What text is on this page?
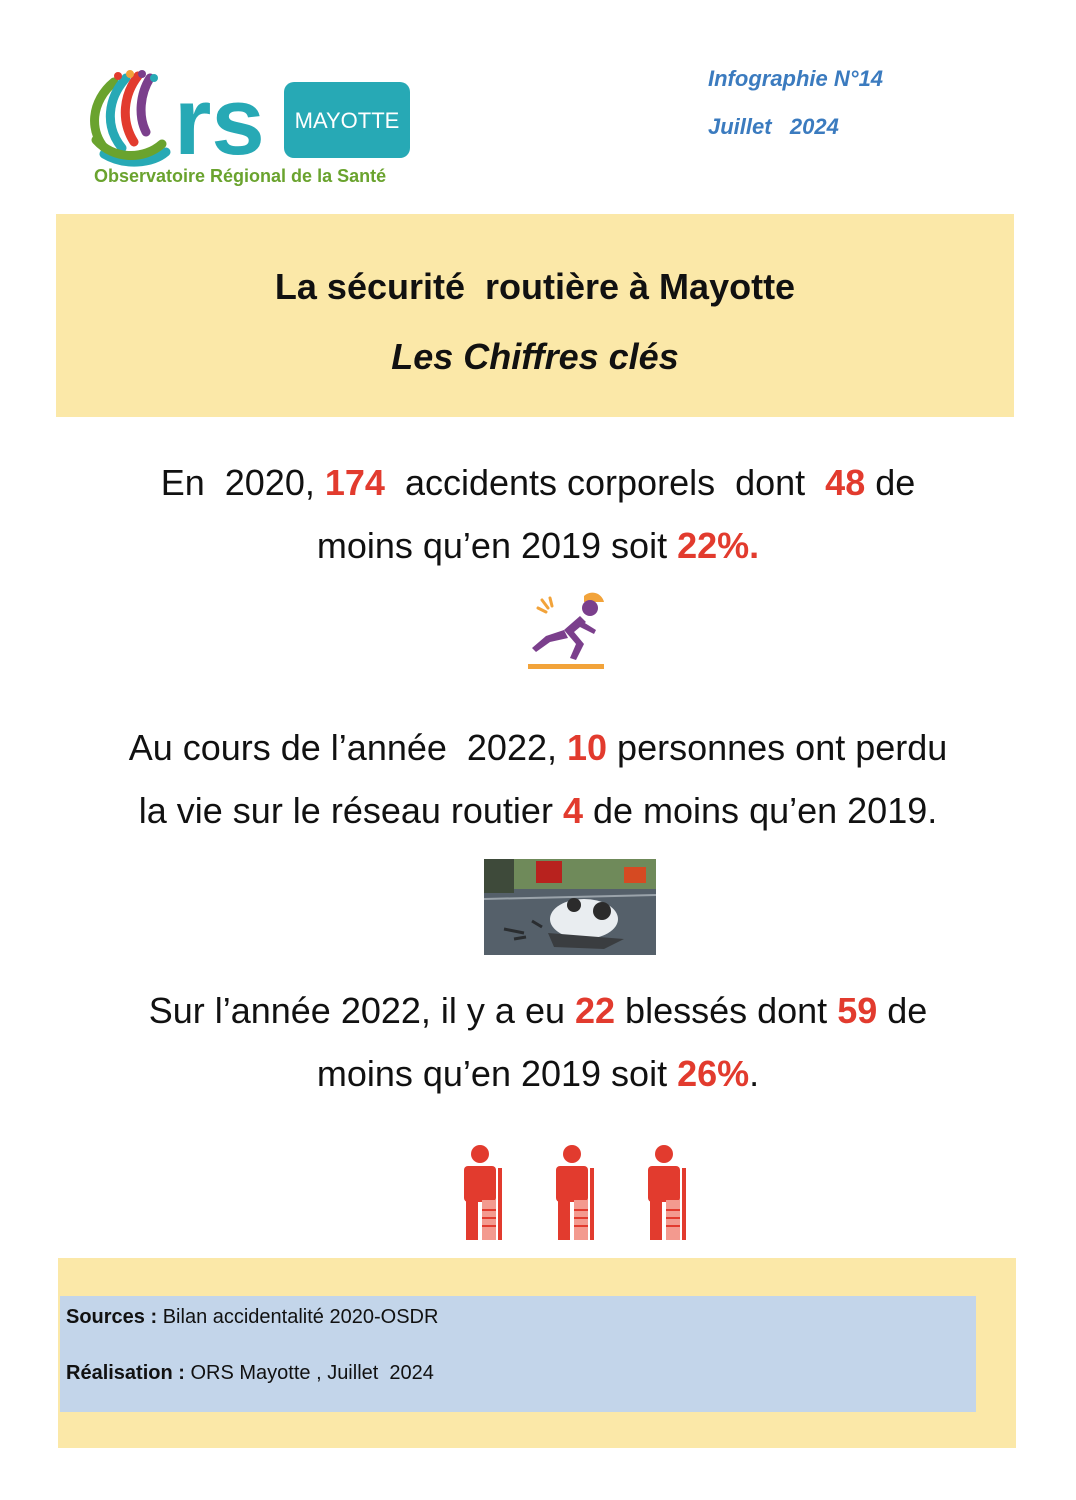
rs MAYOTTE
Observatoire Régional de la Santé
Infographie N°14
Juillet   2024
La sécurité  routière à Mayotte
Les Chiffres clés
En  2020, 174  accidents corporels  dont  48 de
moins qu’en 2019 soit 22%.
Au cours de l’année  2022, 10 personnes ont perdu
la vie sur le réseau routier 4 de moins qu’en 2019.
Sur l’année 2022, il y a eu 22 blessés dont 59 de
moins qu’en 2019 soit 26%.
Sources : Bilan accidentalité 2020-OSDR
Réalisation : ORS Mayotte , Juillet  2024
